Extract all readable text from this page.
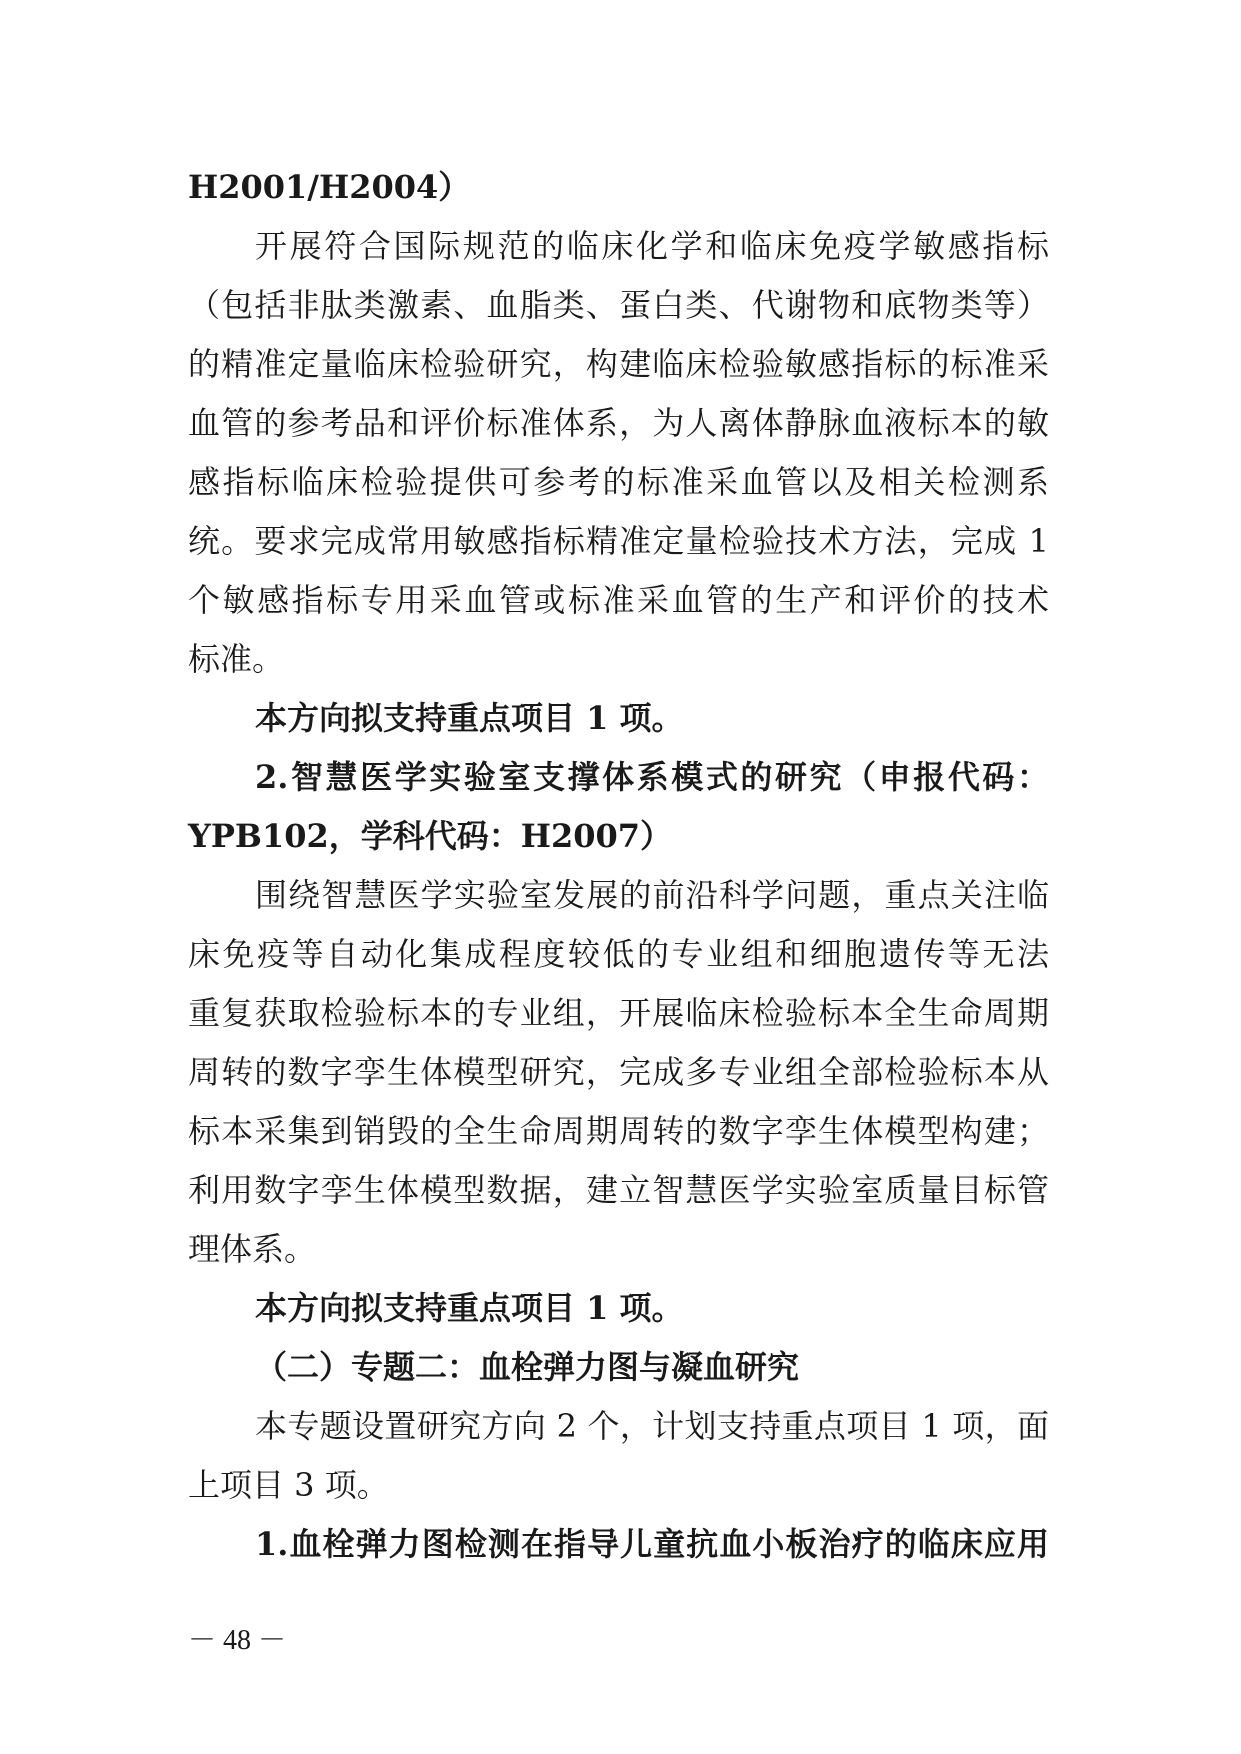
H2001/H2004）
开展符合国际规范的临床化学和临床免疫学敏感指标
（包括非肽类激素、血脂类、蛋白类、代谢物和底物类等）
的精准定量临床检验研究，构建临床检验敏感指标的标准采
血管的参考品和评价标准体系，为人离体静脉血液标本的敏
感指标临床检验提供可参考的标准采血管以及相关检测系
统。要求完成常用敏感指标精准定量检验技术方法，完成 1
个敏感指标专用采血管或标准采血管的生产和评价的技术
标准。
本方向拟支持重点项目 1 项。
2.智慧医学实验室支撑体系模式的研究（申报代码：
YPB102，学科代码：H2007）
围绕智慧医学实验室发展的前沿科学问题，重点关注临
床免疫等自动化集成程度较低的专业组和细胞遗传等无法
重复获取检验标本的专业组，开展临床检验标本全生命周期
周转的数字孪生体模型研究，完成多专业组全部检验标本从
标本采集到销毁的全生命周期周转的数字孪生体模型构建；
利用数字孪生体模型数据，建立智慧医学实验室质量目标管
理体系。
本方向拟支持重点项目 1 项。
（二）专题二：血栓弹力图与凝血研究
本专题设置研究方向 2 个，计划支持重点项目 1 项，面
上项目 3 项。
1.血栓弹力图检测在指导儿童抗血小板治疗的临床应用
－ 48 －
